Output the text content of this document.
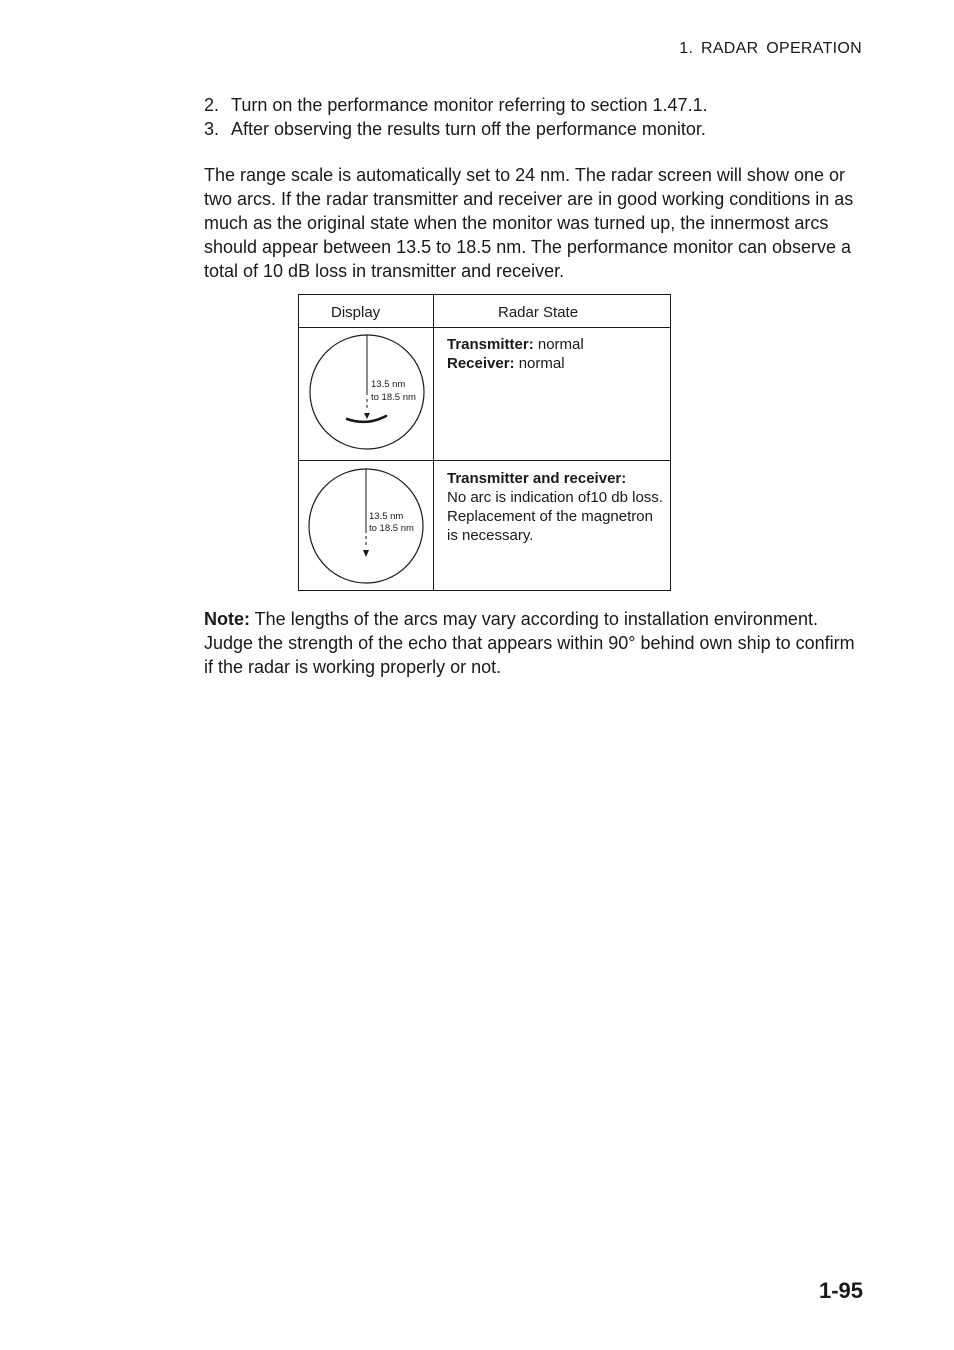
1. RADAR OPERATION
2. Turn on the performance monitor referring to section 1.47.1.
3. After observing the results turn off the performance monitor.

The range scale is automatically set to 24 nm. The radar screen will show one or two arcs. If the radar transmitter and receiver are in good working conditions in as much as the original state when the monitor was turned up, the innermost arcs should appear between 13.5 to 18.5 nm. The performance monitor can observe a total of 10 dB loss in transmitter and receiver.

Display	Radar State
13.5 nm
to 18.5 nm
Transmitter: normal
Receiver: normal
13.5 nm
to 18.5 nm
Transmitter and receiver:
No arc is indication of10 db loss. Replacement of the magnetron is necessary.

Note: The lengths of the arcs may vary according to installation environment. Judge the strength of the echo that appears within 90° behind own ship to confirm if the radar is working properly or not.

1-95
